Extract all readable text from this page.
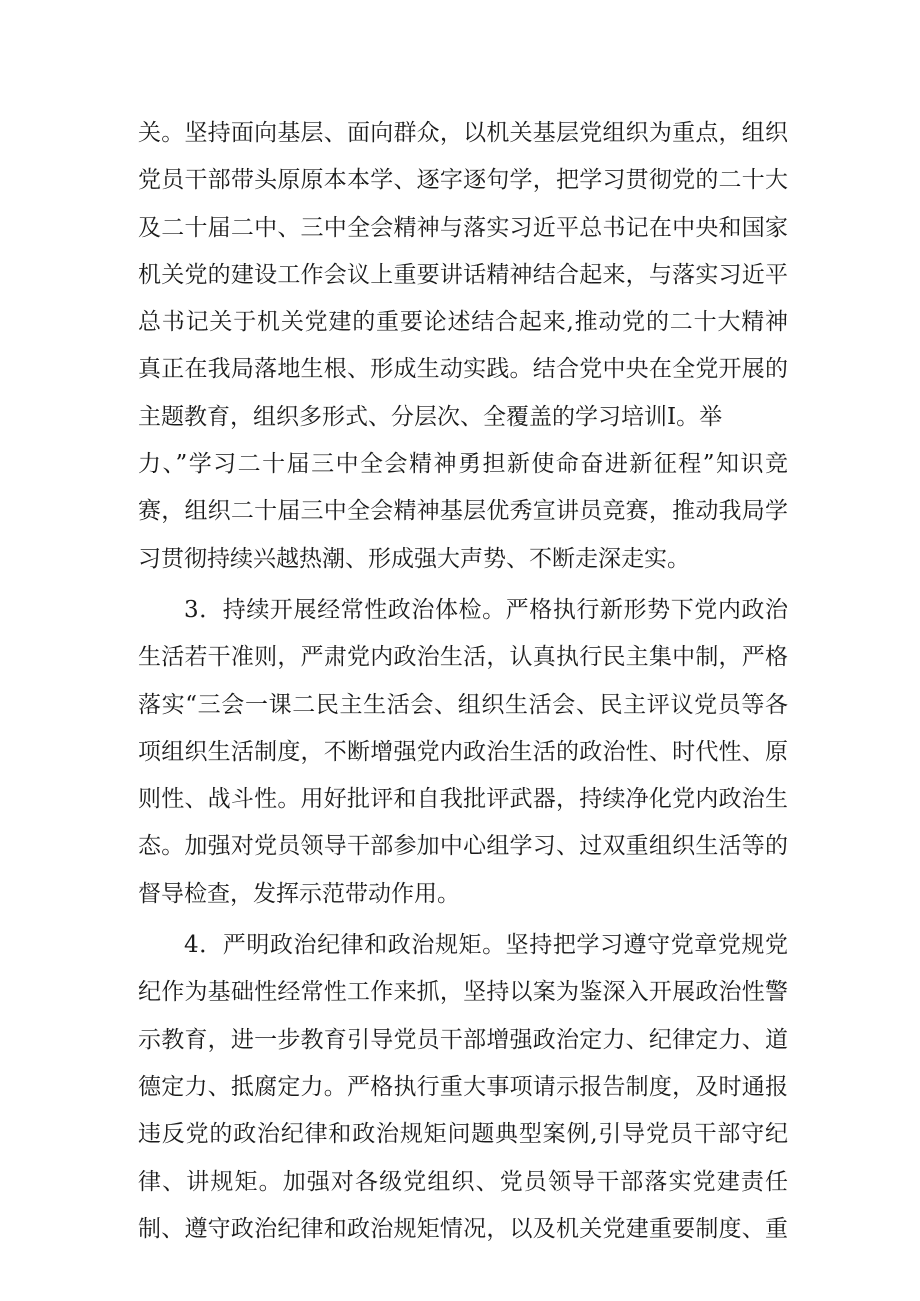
关。坚持面向基层、面向群众，以机关基层党组织为重点，组织
党员干部带头原原本本学、逐字逐句学，把学习贯彻党的二十大
及二十届二中、三中全会精神与落实习近平总书记在中央和国家
机关党的建设工作会议上重要讲话精神结合起来，与落实习近平
总书记关于机关党建的重要论述结合起来,推动党的二十大精神
真正在我局落地生根、形成生动实践。结合党中央在全党开展的
主题教育，组织多形式、分层次、全覆盖的学习培训I。举
力、”学习二十届三中全会精神勇担新使命奋进新征程”知识竞
赛，组织二十届三中全会精神基层优秀宣讲员竞赛，推动我局学
习贯彻持续兴越热潮、形成强大声势、不断走深走实。
3．持续开展经常性政治体检。严格执行新形势下党内政治
生活若干准则，严肃党内政治生活，认真执行民主集中制，严格
落实“三会一课二民主生活会、组织生活会、民主评议党员等各
项组织生活制度，不断增强党内政治生活的政治性、时代性、原
则性、战斗性。用好批评和自我批评武器，持续净化党内政治生
态。加强对党员领导干部参加中心组学习、过双重组织生活等的
督导检查，发挥示范带动作用。
4．严明政治纪律和政治规矩。坚持把学习遵守党章党规党
纪作为基础性经常性工作来抓，坚持以案为鉴深入开展政治性警
示教育，进一步教育引导党员干部增强政治定力、纪律定力、道
德定力、抵腐定力。严格执行重大事项请示报告制度，及时通报
违反党的政治纪律和政治规矩问题典型案例,引导党员干部守纪
律、讲规矩。加强对各级党组织、党员领导干部落实党建责任
制、遵守政治纪律和政治规矩情况，以及机关党建重要制度、重
